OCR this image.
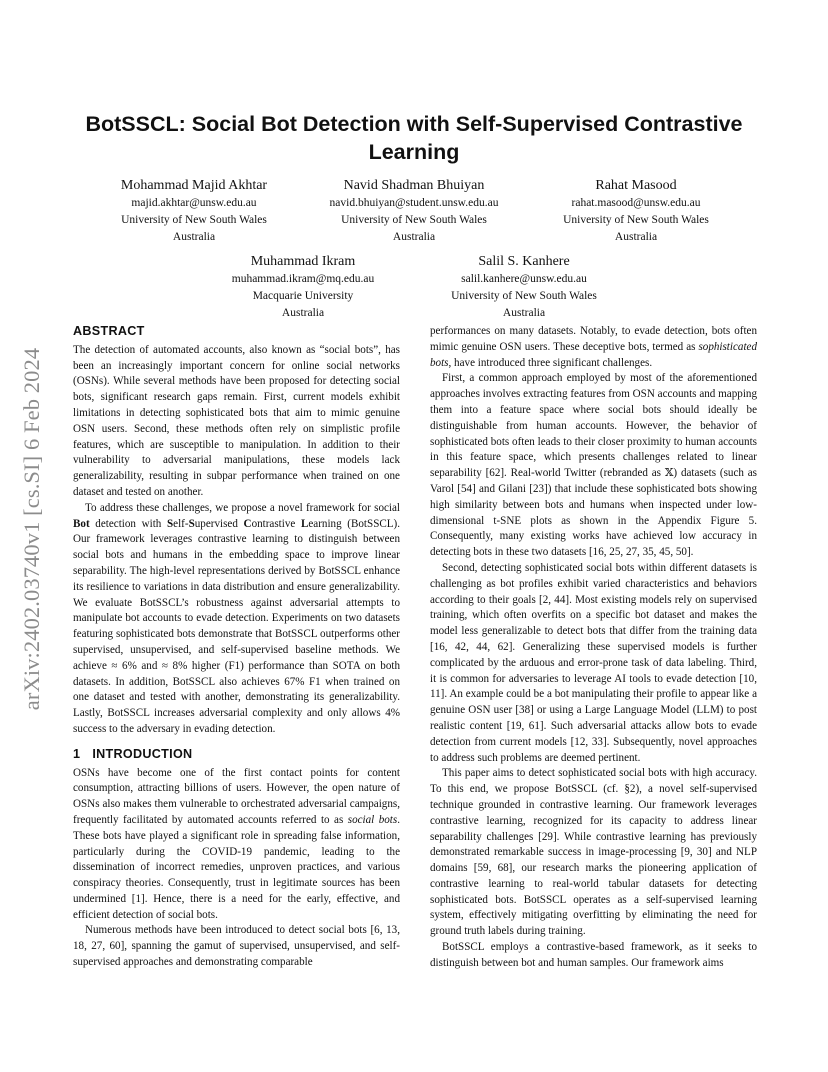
arXiv:2402.03740v1 [cs.SI] 6 Feb 2024
BotSSCL: Social Bot Detection with Self-Supervised Contrastive Learning
Mohammad Majid Akhtar
majid.akhtar@unsw.edu.au
University of New South Wales
Australia
Navid Shadman Bhuiyan
navid.bhuiyan@student.unsw.edu.au
University of New South Wales
Australia
Rahat Masood
rahat.masood@unsw.edu.au
University of New South Wales
Australia
Muhammad Ikram
muhammad.ikram@mq.edu.au
Macquarie University
Australia
Salil S. Kanhere
salil.kanhere@unsw.edu.au
University of New South Wales
Australia
ABSTRACT

The detection of automated accounts, also known as “social bots”, has been an increasingly important concern for online social networks (OSNs). While several methods have been proposed for detecting social bots, significant research gaps remain. First, current models exhibit limitations in detecting sophisticated bots that aim to mimic genuine OSN users. Second, these methods often rely on simplistic profile features, which are susceptible to manipulation. In addition to their vulnerability to adversarial manipulations, these models lack generalizability, resulting in subpar performance when trained on one dataset and tested on another.

To address these challenges, we propose a novel framework for social Bot detection with Self-Supervised Contrastive Learning (BotSSCL). Our framework leverages contrastive learning to distinguish between social bots and humans in the embedding space to improve linear separability. The high-level representations derived by BotSSCL enhance its resilience to variations in data distribution and ensure generalizability. We evaluate BotSSCL’s robustness against adversarial attempts to manipulate bot accounts to evade detection. Experiments on two datasets featuring sophisticated bots demonstrate that BotSSCL outperforms other supervised, unsupervised, and self-supervised baseline methods. We achieve ≈ 6% and ≈ 8% higher (F1) performance than SOTA on both datasets. In addition, BotSSCL also achieves 67% F1 when trained on one dataset and tested with another, demonstrating its generalizability. Lastly, BotSSCL increases adversarial complexity and only allows 4% success to the adversary in evading detection.

1 INTRODUCTION

OSNs have become one of the first contact points for content consumption, attracting billions of users. However, the open nature of OSNs also makes them vulnerable to orchestrated adversarial campaigns, frequently facilitated by automated accounts referred to as social bots. These bots have played a significant role in spreading false information, particularly during the COVID-19 pandemic, leading to the dissemination of incorrect remedies, unproven practices, and various conspiracy theories. Consequently, trust in legitimate sources has been undermined [1]. Hence, there is a need for the early, effective, and efficient detection of social bots.

Numerous methods have been introduced to detect social bots [6, 13, 18, 27, 60], spanning the gamut of supervised, unsupervised, and self-supervised approaches and demonstrating comparable

performances on many datasets. Notably, to evade detection, bots often mimic genuine OSN users. These deceptive bots, termed as sophisticated bots, have introduced three significant challenges.

First, a common approach employed by most of the aforementioned approaches involves extracting features from OSN accounts and mapping them into a feature space where social bots should ideally be distinguishable from human accounts. However, the behavior of sophisticated bots often leads to their closer proximity to human accounts in this feature space, which presents challenges related to linear separability [62]. Real-world Twitter (rebranded as 𝕏) datasets (such as Varol [54] and Gilani [23]) that include these sophisticated bots showing high similarity between bots and humans when inspected under low-dimensional t-SNE plots as shown in the Appendix Figure 5. Consequently, many existing works have achieved low accuracy in detecting bots in these two datasets [16, 25, 27, 35, 45, 50].

Second, detecting sophisticated social bots within different datasets is challenging as bot profiles exhibit varied characteristics and behaviors according to their goals [2, 44]. Most existing models rely on supervised training, which often overfits on a specific bot dataset and makes the model less generalizable to detect bots that differ from the training data [16, 42, 44, 62]. Generalizing these supervised models is further complicated by the arduous and error-prone task of data labeling. Third, it is common for adversaries to leverage AI tools to evade detection [10, 11]. An example could be a bot manipulating their profile to appear like a genuine OSN user [38] or using a Large Language Model (LLM) to post realistic content [19, 61]. Such adversarial attacks allow bots to evade detection from current models [12, 33]. Subsequently, novel approaches to address such problems are deemed pertinent.

This paper aims to detect sophisticated social bots with high accuracy. To this end, we propose BotSSCL (cf. §2), a novel self-supervised technique grounded in contrastive learning. Our framework leverages contrastive learning, recognized for its capacity to address linear separability challenges [29]. While contrastive learning has previously demonstrated remarkable success in image-processing [9, 30] and NLP domains [59, 68], our research marks the pioneering application of contrastive learning to real-world tabular datasets for detecting sophisticated bots. BotSSCL operates as a self-supervised learning system, effectively mitigating overfitting by eliminating the need for ground truth labels during training.

BotSSCL employs a contrastive-based framework, as it seeks to distinguish between bot and human samples. Our framework aims
